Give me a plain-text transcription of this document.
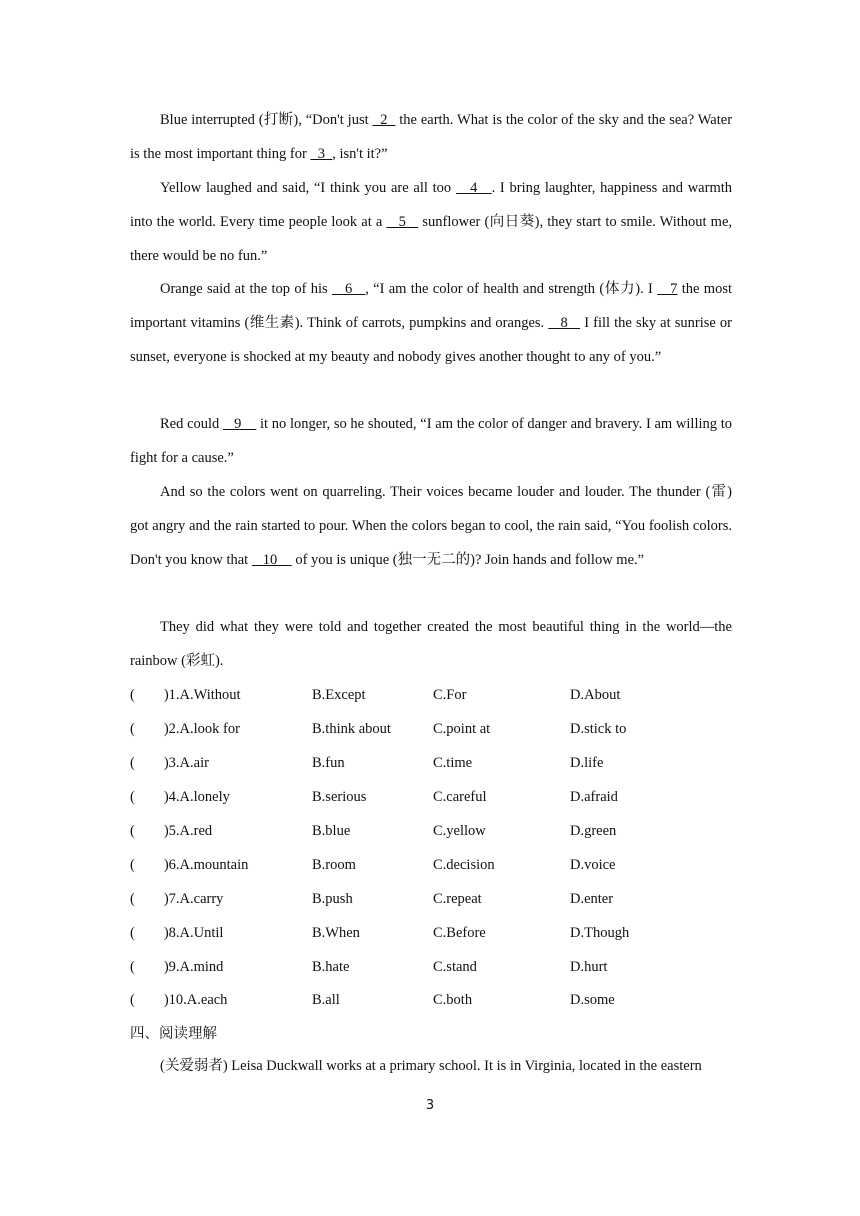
Blue interrupted (打断), “Don't just   2   the earth. What is the color of the sky and the sea? Water is the most important thing for   3  , isn't it?”

Yellow laughed and said, “I think you are all too    4   . I bring laughter, happiness and warmth into the world. Every time people look at a    5    sunflower (向日葵), they start to smile. Without me, there would be no fun.”

Orange said at the top of his    6   , “I am the color of health and strength (体力). I    7 the most important vitamins (维生素). Think of carrots, pumpkins and oranges.    8    I fill the sky at sunrise or sunset, everyone is shocked at my beauty and nobody gives another thought to any of you.”

Red could    9     it no longer, so he shouted, “I am the color of danger and bravery. I am willing to fight for a cause.”

And so the colors went on quarreling. Their voices became louder and louder. The thunder (雷) got angry and the rain started to pour. When the colors began to cool, the rain said, “You foolish colors. Don't you know that    10     of you is unique (独一无二的)? Join hands and follow me.”

They did what they were told and together created the most beautiful thing in the world—the rainbow (彩虹).

(        )1.A.Without	B.Except	C.For	D.About
(        )2.A.look for	B.think about	C.point at	D.stick to
(        )3.A.air	B.fun	C.time	D.life
(        )4.A.lonely	B.serious	C.careful	D.afraid
(        )5.A.red	B.blue	C.yellow	D.green
(        )6.A.mountain	B.room	C.decision	D.voice
(        )7.A.carry	B.push	C.repeat	D.enter
(        )8.A.Until	B.When	C.Before	D.Though
(        )9.A.mind	B.hate	C.stand	D.hurt
(        )10.A.each	B.all	C.both	D.some

四、阅读理解

(关爱弱者) Leisa Duckwall works at a primary school. It is in Virginia, located in the eastern

3
